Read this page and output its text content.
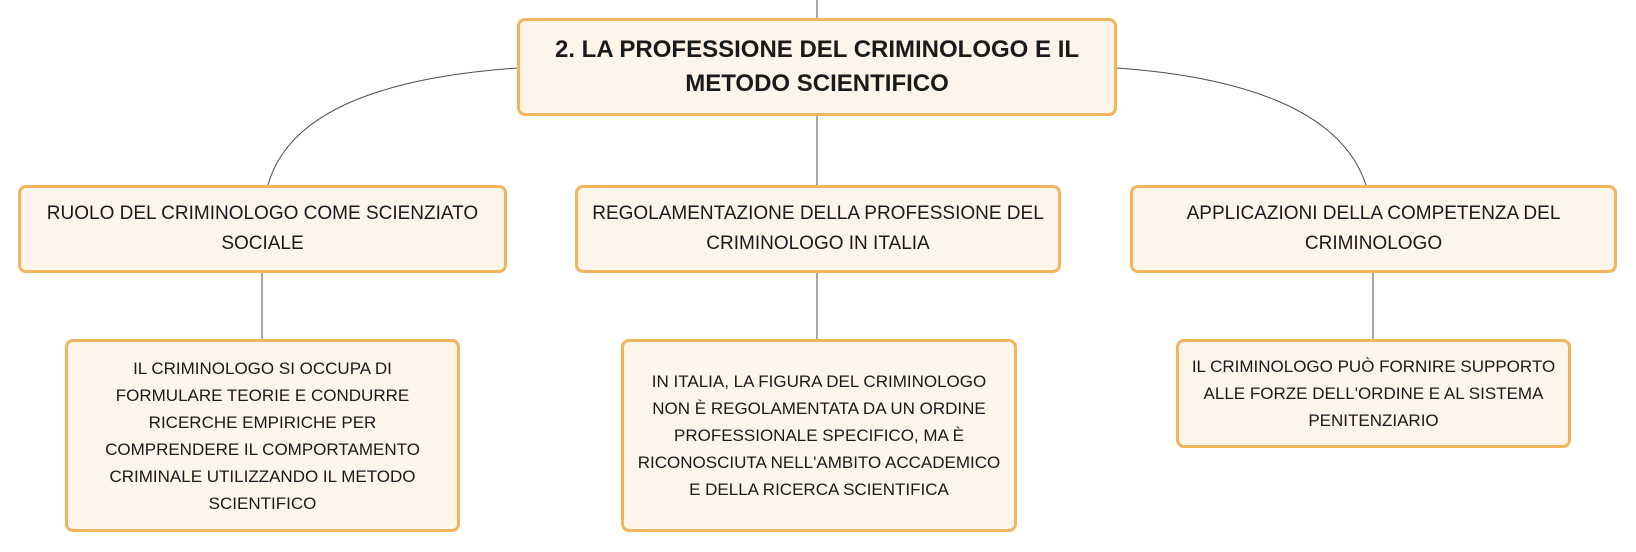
2. LA PROFESSIONE DEL CRIMINOLOGO E IL METODO SCIENTIFICO
RUOLO DEL CRIMINOLOGO COME SCIENZIATO SOCIALE
REGOLAMENTAZIONE DELLA PROFESSIONE DEL CRIMINOLOGO IN ITALIA
APPLICAZIONI DELLA COMPETENZA DEL CRIMINOLOGO
IL CRIMINOLOGO SI OCCUPA DI FORMULARE TEORIE E CONDURRE RICERCHE EMPIRICHE PER COMPRENDERE IL COMPORTAMENTO CRIMINALE UTILIZZANDO IL METODO SCIENTIFICO
IN ITALIA, LA FIGURA DEL CRIMINOLOGO NON È REGOLAMENTATA DA UN ORDINE PROFESSIONALE SPECIFICO, MA È RICONOSCIUTA NELL'AMBITO ACCADEMICO E DELLA RICERCA SCIENTIFICA
IL CRIMINOLOGO PUÒ FORNIRE SUPPORTO ALLE FORZE DELL'ORDINE E AL SISTEMA PENITENZIARIO
